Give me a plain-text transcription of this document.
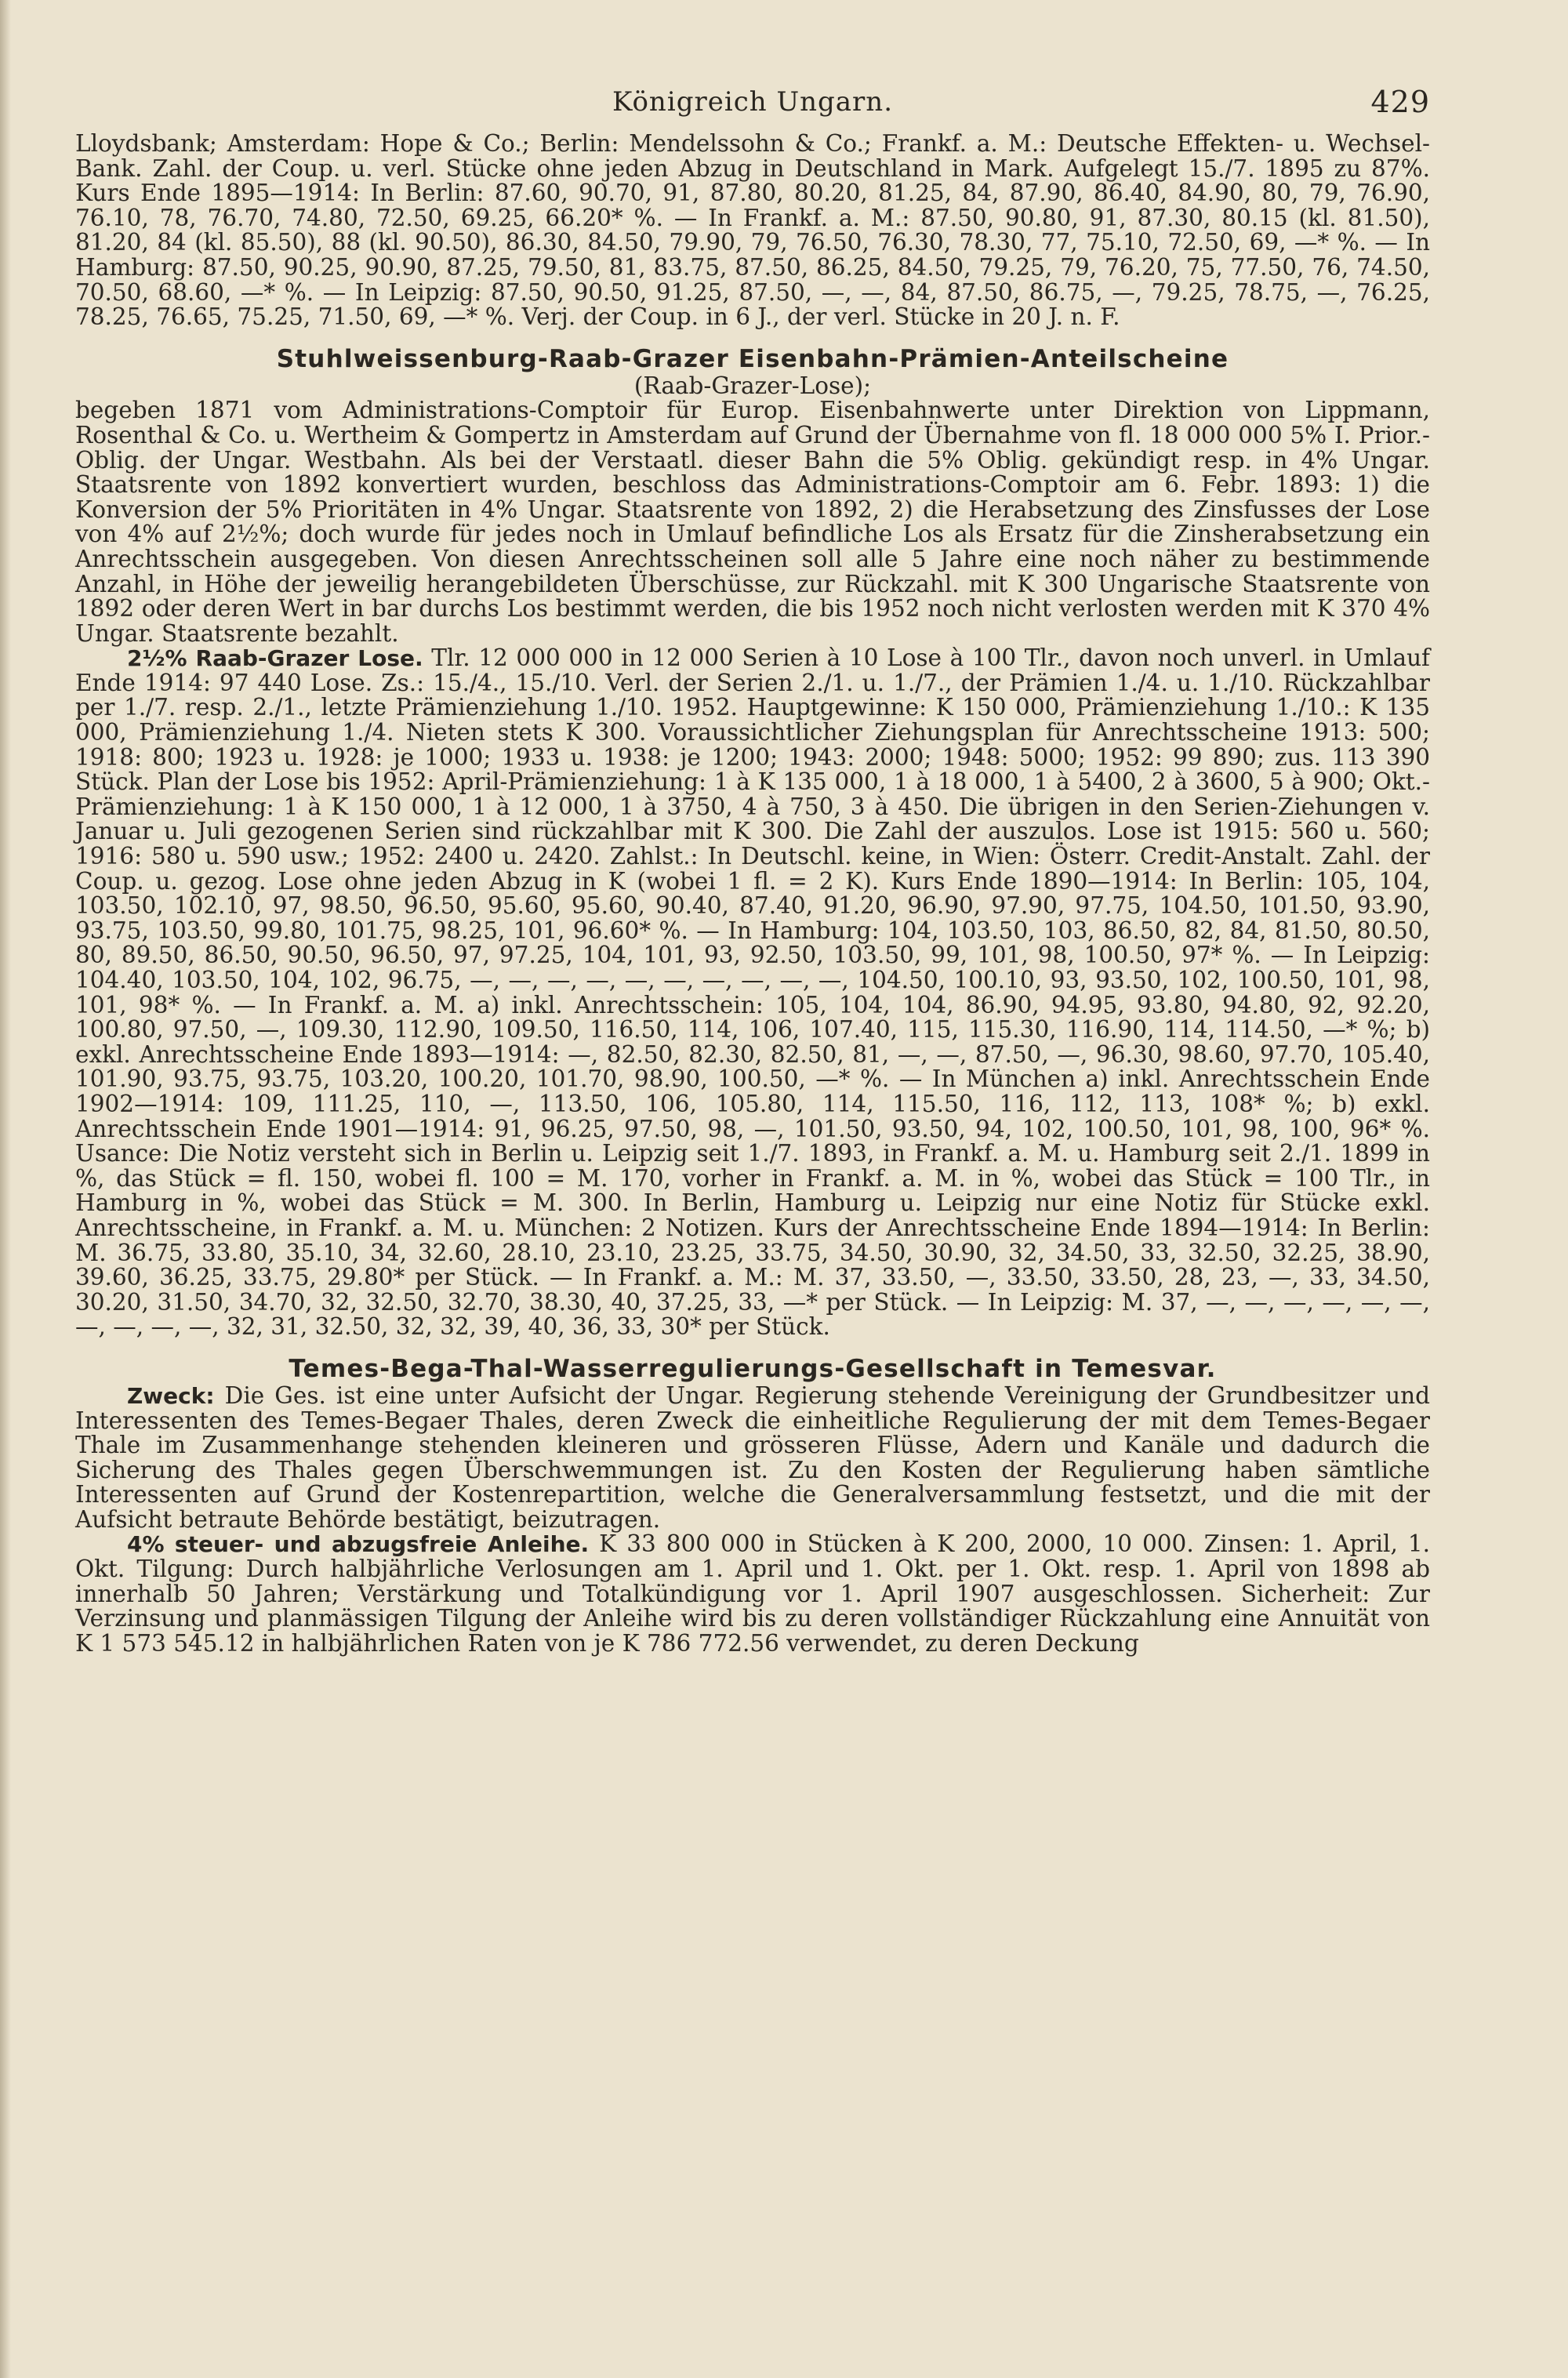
Königreich Ungarn.	429

Lloydsbank; Amsterdam: Hope & Co.; Berlin: Mendelssohn & Co.; Frankf. a. M.: Deutsche Effekten- u. Wechsel-Bank. Zahl. der Coup. u. verl. Stücke ohne jeden Abzug in Deutschland in Mark. Aufgelegt 15./7. 1895 zu 87%. Kurs Ende 1895—1914: In Berlin: 87.60, 90.70, 91, 87.80, 80.20, 81.25, 84, 87.90, 86.40, 84.90, 80, 79, 76.90, 76.10, 78, 76.70, 74.80, 72.50, 69.25, 66.20* %. — In Frankf. a. M.: 87.50, 90.80, 91, 87.30, 80.15 (kl. 81.50), 81.20, 84 (kl. 85.50), 88 (kl. 90.50), 86.30, 84.50, 79.90, 79, 76.50, 76.30, 78.30, 77, 75.10, 72.50, 69, —* %. — In Hamburg: 87.50, 90.25, 90.90, 87.25, 79.50, 81, 83.75, 87.50, 86.25, 84.50, 79.25, 79, 76.20, 75, 77.50, 76, 74.50, 70.50, 68.60, —* %. — In Leipzig: 87.50, 90.50, 91.25, 87.50, —, —, 84, 87.50, 86.75, —, 79.25, 78.75, —, 76.25, 78.25, 76.65, 75.25, 71.50, 69, —* %. Verj. der Coup. in 6 J., der verl. Stücke in 20 J. n. F.

Stuhlweissenburg-Raab-Grazer Eisenbahn-Prämien-Anteilscheine
(Raab-Grazer-Lose);

begeben 1871 vom Administrations-Comptoir für Europ. Eisenbahnwerte unter Direktion von Lippmann, Rosenthal & Co. u. Wertheim & Gompertz in Amsterdam auf Grund der Übernahme von fl. 18 000 000 5% I. Prior.-Oblig. der Ungar. Westbahn. Als bei der Verstaatl. dieser Bahn die 5% Oblig. gekündigt resp. in 4% Ungar. Staatsrente von 1892 konvertiert wurden, beschloss das Administrations-Comptoir am 6. Febr. 1893: 1) die Konversion der 5% Prioritäten in 4% Ungar. Staatsrente von 1892, 2) die Herabsetzung des Zinsfusses der Lose von 4% auf 2½%; doch wurde für jedes noch in Umlauf befindliche Los als Ersatz für die Zinsherabsetzung ein Anrechtsschein ausgegeben. Von diesen Anrechtsscheinen soll alle 5 Jahre eine noch näher zu bestimmende Anzahl, in Höhe der jeweilig herangebildeten Überschüsse, zur Rückzahl. mit K 300 Ungarische Staatsrente von 1892 oder deren Wert in bar durchs Los bestimmt werden, die bis 1952 noch nicht verlosten werden mit K 370 4% Ungar. Staatsrente bezahlt.

2½% Raab-Grazer Lose. Tlr. 12 000 000 in 12 000 Serien à 10 Lose à 100 Tlr., davon noch unverl. in Umlauf Ende 1914: 97 440 Lose. Zs.: 15./4., 15./10. Verl. der Serien 2./1. u. 1./7., der Prämien 1./4. u. 1./10. Rückzahlbar per 1./7. resp. 2./1., letzte Prämienziehung 1./10. 1952. Hauptgewinne: K 150 000, Prämienziehung 1./10.: K 135 000, Prämienziehung 1./4. Nieten stets K 300. Voraussichtlicher Ziehungsplan für Anrechtsscheine 1913: 500; 1918: 800; 1923 u. 1928: je 1000; 1933 u. 1938: je 1200; 1943: 2000; 1948: 5000; 1952: 99 890; zus. 113 390 Stück. Plan der Lose bis 1952: April-Prämienziehung: 1 à K 135 000, 1 à 18 000, 1 à 5400, 2 à 3600, 5 à 900; Okt.-Prämienziehung: 1 à K 150 000, 1 à 12 000, 1 à 3750, 4 à 750, 3 à 450. Die übrigen in den Serien-Ziehungen v. Januar u. Juli gezogenen Serien sind rückzahlbar mit K 300. Die Zahl der auszulos. Lose ist 1915: 560 u. 560; 1916: 580 u. 590 usw.; 1952: 2400 u. 2420. Zahlst.: In Deutschl. keine, in Wien: Österr. Credit-Anstalt. Zahl. der Coup. u. gezog. Lose ohne jeden Abzug in K (wobei 1 fl. = 2 K). Kurs Ende 1890—1914: In Berlin: 105, 104, 103.50, 102.10, 97, 98.50, 96.50, 95.60, 95.60, 90.40, 87.40, 91.20, 96.90, 97.90, 97.75, 104.50, 101.50, 93.90, 93.75, 103.50, 99.80, 101.75, 98.25, 101, 96.60* %. — In Hamburg: 104, 103.50, 103, 86.50, 82, 84, 81.50, 80.50, 80, 89.50, 86.50, 90.50, 96.50, 97, 97.25, 104, 101, 93, 92.50, 103.50, 99, 101, 98, 100.50, 97* %. — In Leipzig: 104.40, 103.50, 104, 102, 96.75, —, —, —, —, —, —, —, —, —, —, 104.50, 100.10, 93, 93.50, 102, 100.50, 101, 98, 101, 98* %. — In Frankf. a. M. a) inkl. Anrechtsschein: 105, 104, 104, 86.90, 94.95, 93.80, 94.80, 92, 92.20, 100.80, 97.50, —, 109.30, 112.90, 109.50, 116.50, 114, 106, 107.40, 115, 115.30, 116.90, 114, 114.50, —* %; b) exkl. Anrechtsscheine Ende 1893—1914: —, 82.50, 82.30, 82.50, 81, —, —, 87.50, —, 96.30, 98.60, 97.70, 105.40, 101.90, 93.75, 93.75, 103.20, 100.20, 101.70, 98.90, 100.50, —* %. — In München a) inkl. Anrechtsschein Ende 1902—1914: 109, 111.25, 110, —, 113.50, 106, 105.80, 114, 115.50, 116, 112, 113, 108* %; b) exkl. Anrechtsschein Ende 1901—1914: 91, 96.25, 97.50, 98, —, 101.50, 93.50, 94, 102, 100.50, 101, 98, 100, 96* %. Usance: Die Notiz versteht sich in Berlin u. Leipzig seit 1./7. 1893, in Frankf. a. M. u. Hamburg seit 2./1. 1899 in %, das Stück = fl. 150, wobei fl. 100 = M. 170, vorher in Frankf. a. M. in %, wobei das Stück = 100 Tlr., in Hamburg in %, wobei das Stück = M. 300. In Berlin, Hamburg u. Leipzig nur eine Notiz für Stücke exkl. Anrechtsscheine, in Frankf. a. M. u. München: 2 Notizen. Kurs der Anrechtsscheine Ende 1894—1914: In Berlin: M. 36.75, 33.80, 35.10, 34, 32.60, 28.10, 23.10, 23.25, 33.75, 34.50, 30.90, 32, 34.50, 33, 32.50, 32.25, 38.90, 39.60, 36.25, 33.75, 29.80* per Stück. — In Frankf. a. M.: M. 37, 33.50, —, 33.50, 33.50, 28, 23, —, 33, 34.50, 30.20, 31.50, 34.70, 32, 32.50, 32.70, 38.30, 40, 37.25, 33, —* per Stück. — In Leipzig: M. 37, —, —, —, —, —, —, —, —, —, —, 32, 31, 32.50, 32, 32, 39, 40, 36, 33, 30* per Stück.

Temes-Bega-Thal-Wasserregulierungs-Gesellschaft in Temesvar.

Zweck: Die Ges. ist eine unter Aufsicht der Ungar. Regierung stehende Vereinigung der Grundbesitzer und Interessenten des Temes-Begaer Thales, deren Zweck die einheitliche Regulierung der mit dem Temes-Begaer Thale im Zusammenhange stehenden kleineren und grösseren Flüsse, Adern und Kanäle und dadurch die Sicherung des Thales gegen Überschwemmungen ist. Zu den Kosten der Regulierung haben sämtliche Interessenten auf Grund der Kostenrepartition, welche die Generalversammlung festsetzt, und die mit der Aufsicht betraute Behörde bestätigt, beizutragen.

4% steuer- und abzugsfreie Anleihe. K 33 800 000 in Stücken à K 200, 2000, 10 000. Zinsen: 1. April, 1. Okt. Tilgung: Durch halbjährliche Verlosungen am 1. April und 1. Okt. per 1. Okt. resp. 1. April von 1898 ab innerhalb 50 Jahren; Verstärkung und Totalkündigung vor 1. April 1907 ausgeschlossen. Sicherheit: Zur Verzinsung und planmässigen Tilgung der Anleihe wird bis zu deren vollständiger Rückzahlung eine Annuität von K 1 573 545.12 in halbjährlichen Raten von je K 786 772.56 verwendet, zu deren Deckung
